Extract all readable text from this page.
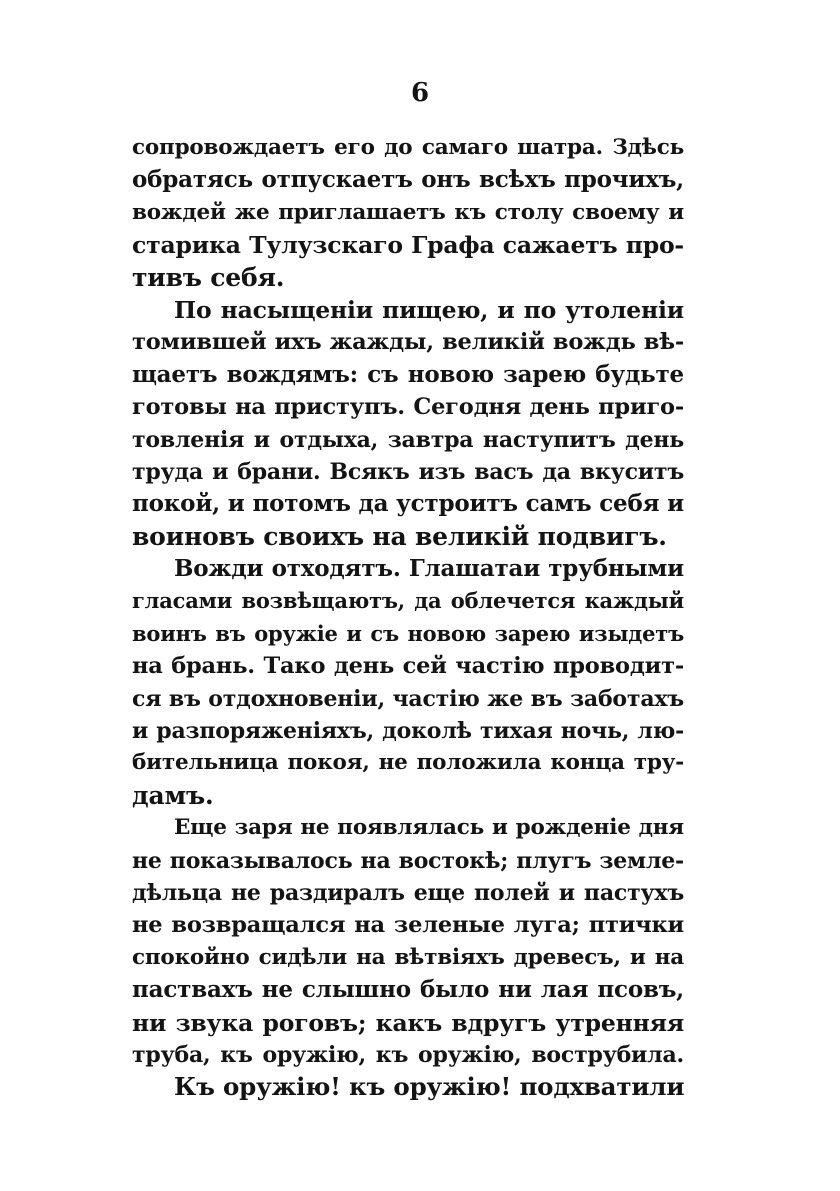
6
сопровождаетъ его до самаго шатра. Здѣсь
обратясь отпускаетъ онъ всѣхъ прочихъ,
вождей же приглашаетъ къ столу своему и
старика Тулузскаго Графа сажаетъ про-
тивъ себя.
По насыщеніи пищею, и по утоленіи
томившей ихъ жажды, великій вождь вѣ-
щаетъ вождямъ: съ новою зарею будьте
готовы на приступъ. Сегодня день приго-
товленія и отдыха, завтра наступитъ день
труда и брани. Всякъ изъ васъ да вкуситъ
покой, и потомъ да устроитъ самъ себя и
воиновъ своихъ на великій подвигъ.
Вожди отходятъ. Глашатаи трубными
гласами возвѣщаютъ, да облечется каждый
воинъ въ оружіе и съ новою зарею изыдетъ
на брань. Тако день сей частію проводит-
ся въ отдохновеніи, частію же въ заботахъ
и разпоряженіяхъ, доколѣ тихая ночь, лю-
бительница покоя, не положила конца тру-
дамъ.
Еще заря не появлялась и рожденіе дня
не показывалось на востокѣ; плугъ земле-
дѣльца не раздиралъ еще полей и пастухъ
не возвращался на зеленые луга; птички
спокойно сидѣли на вѣтвіяхъ древесъ, и на
паствахъ не слышно было ни лая псовъ,
ни звука роговъ; какъ вдругъ утренняя
труба, къ оружію, къ оружію, вострубила.
Къ оружію! къ оружію! подхватили
